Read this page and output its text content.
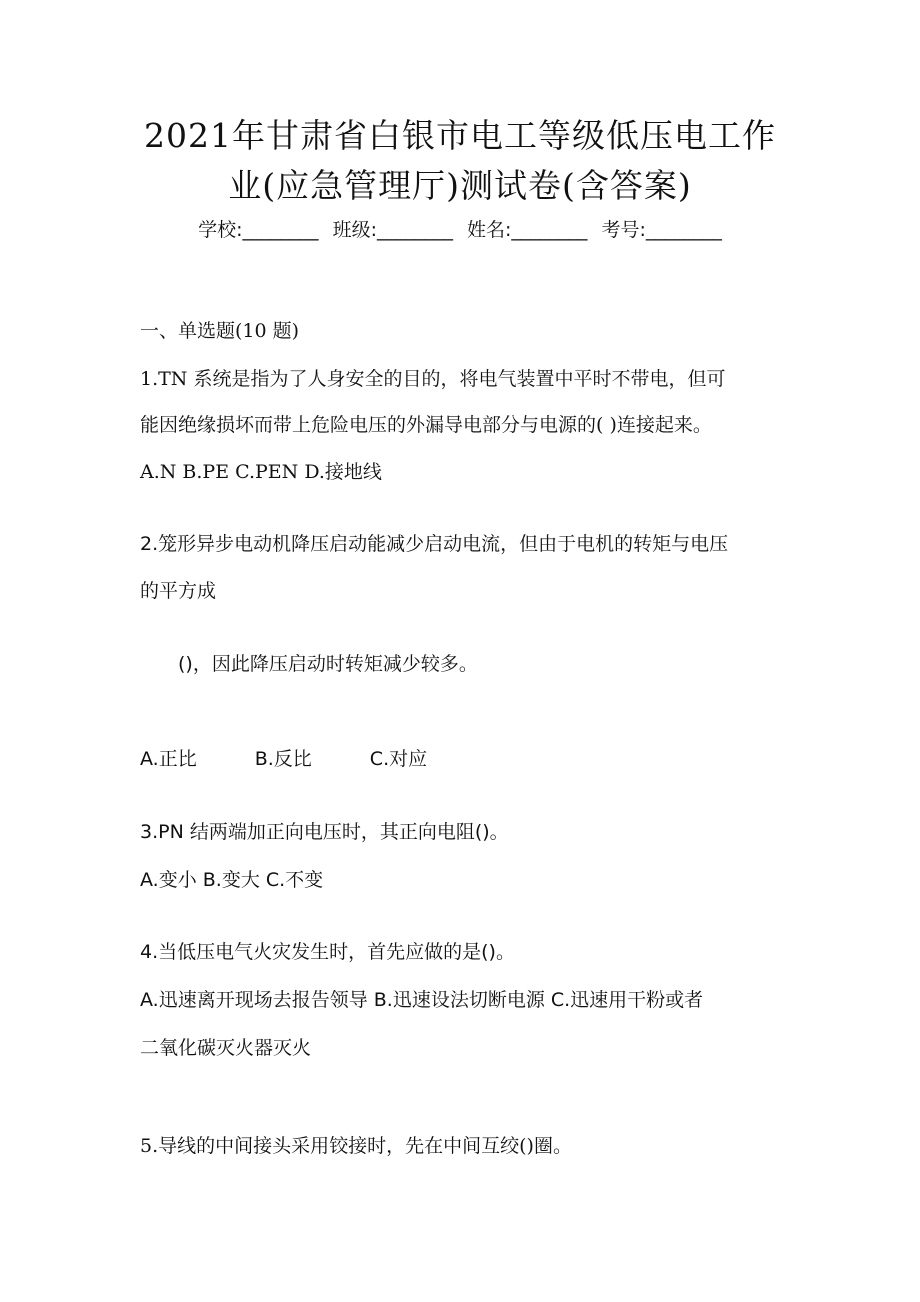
2021年甘肃省白银市电工等级低压电工作
业(应急管理厅)测试卷(含答案)
学校:________ 班级:________ 姓名:________ 考号:________
一、单选题(10 题)
1.TN 系统是指为了人身安全的目的，将电气装置中平时不带电，但可
能因绝缘损坏而带上危险电压的外漏导电部分与电源的( )连接起来。
A.N B.PE C.PEN D.接地线
2.笼形异步电动机降压启动能减少启动电流，但由于电机的转矩与电压
的平方成
()，因此降压启动时转矩减少较多。
A.正比	B.反比	C.对应
3.PN 结两端加正向电压时，其正向电阻()。
A.变小 B.变大 C.不变
4.当低压电气火灾发生时，首先应做的是()。
A.迅速离开现场去报告领导 B.迅速设法切断电源 C.迅速用干粉或者
二氧化碳灭火器灭火
5.导线的中间接头采用铰接时，先在中间互绞()圈。
